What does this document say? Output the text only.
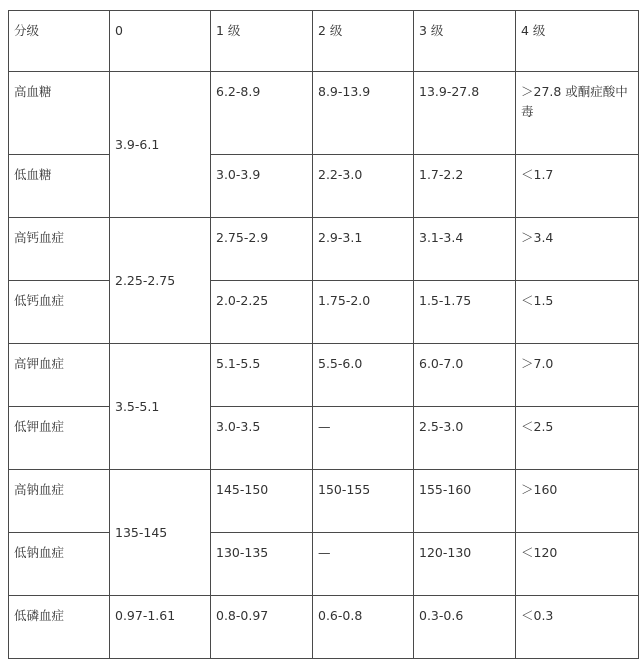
分级	0	1 级	2 级	3 级	4 级
高血糖	3.9-6.1	6.2-8.9	8.9-13.9	13.9-27.8	＞27.8 或酮症酸中毒
低血糖		3.0-3.9	2.2-3.0	1.7-2.2	＜1.7
高钙血症	2.25-2.75	2.75-2.9	2.9-3.1	3.1-3.4	＞3.4
低钙血症		2.0-2.25	1.75-2.0	1.5-1.75	＜1.5
高钾血症	3.5-5.1	5.1-5.5	5.5-6.0	6.0-7.0	＞7.0
低钾血症		3.0-3.5	—	2.5-3.0	＜2.5
高钠血症	135-145	145-150	150-155	155-160	＞160
低钠血症		130-135	—	120-130	＜120
低磷血症	0.97-1.61	0.8-0.97	0.6-0.8	0.3-0.6	＜0.3
